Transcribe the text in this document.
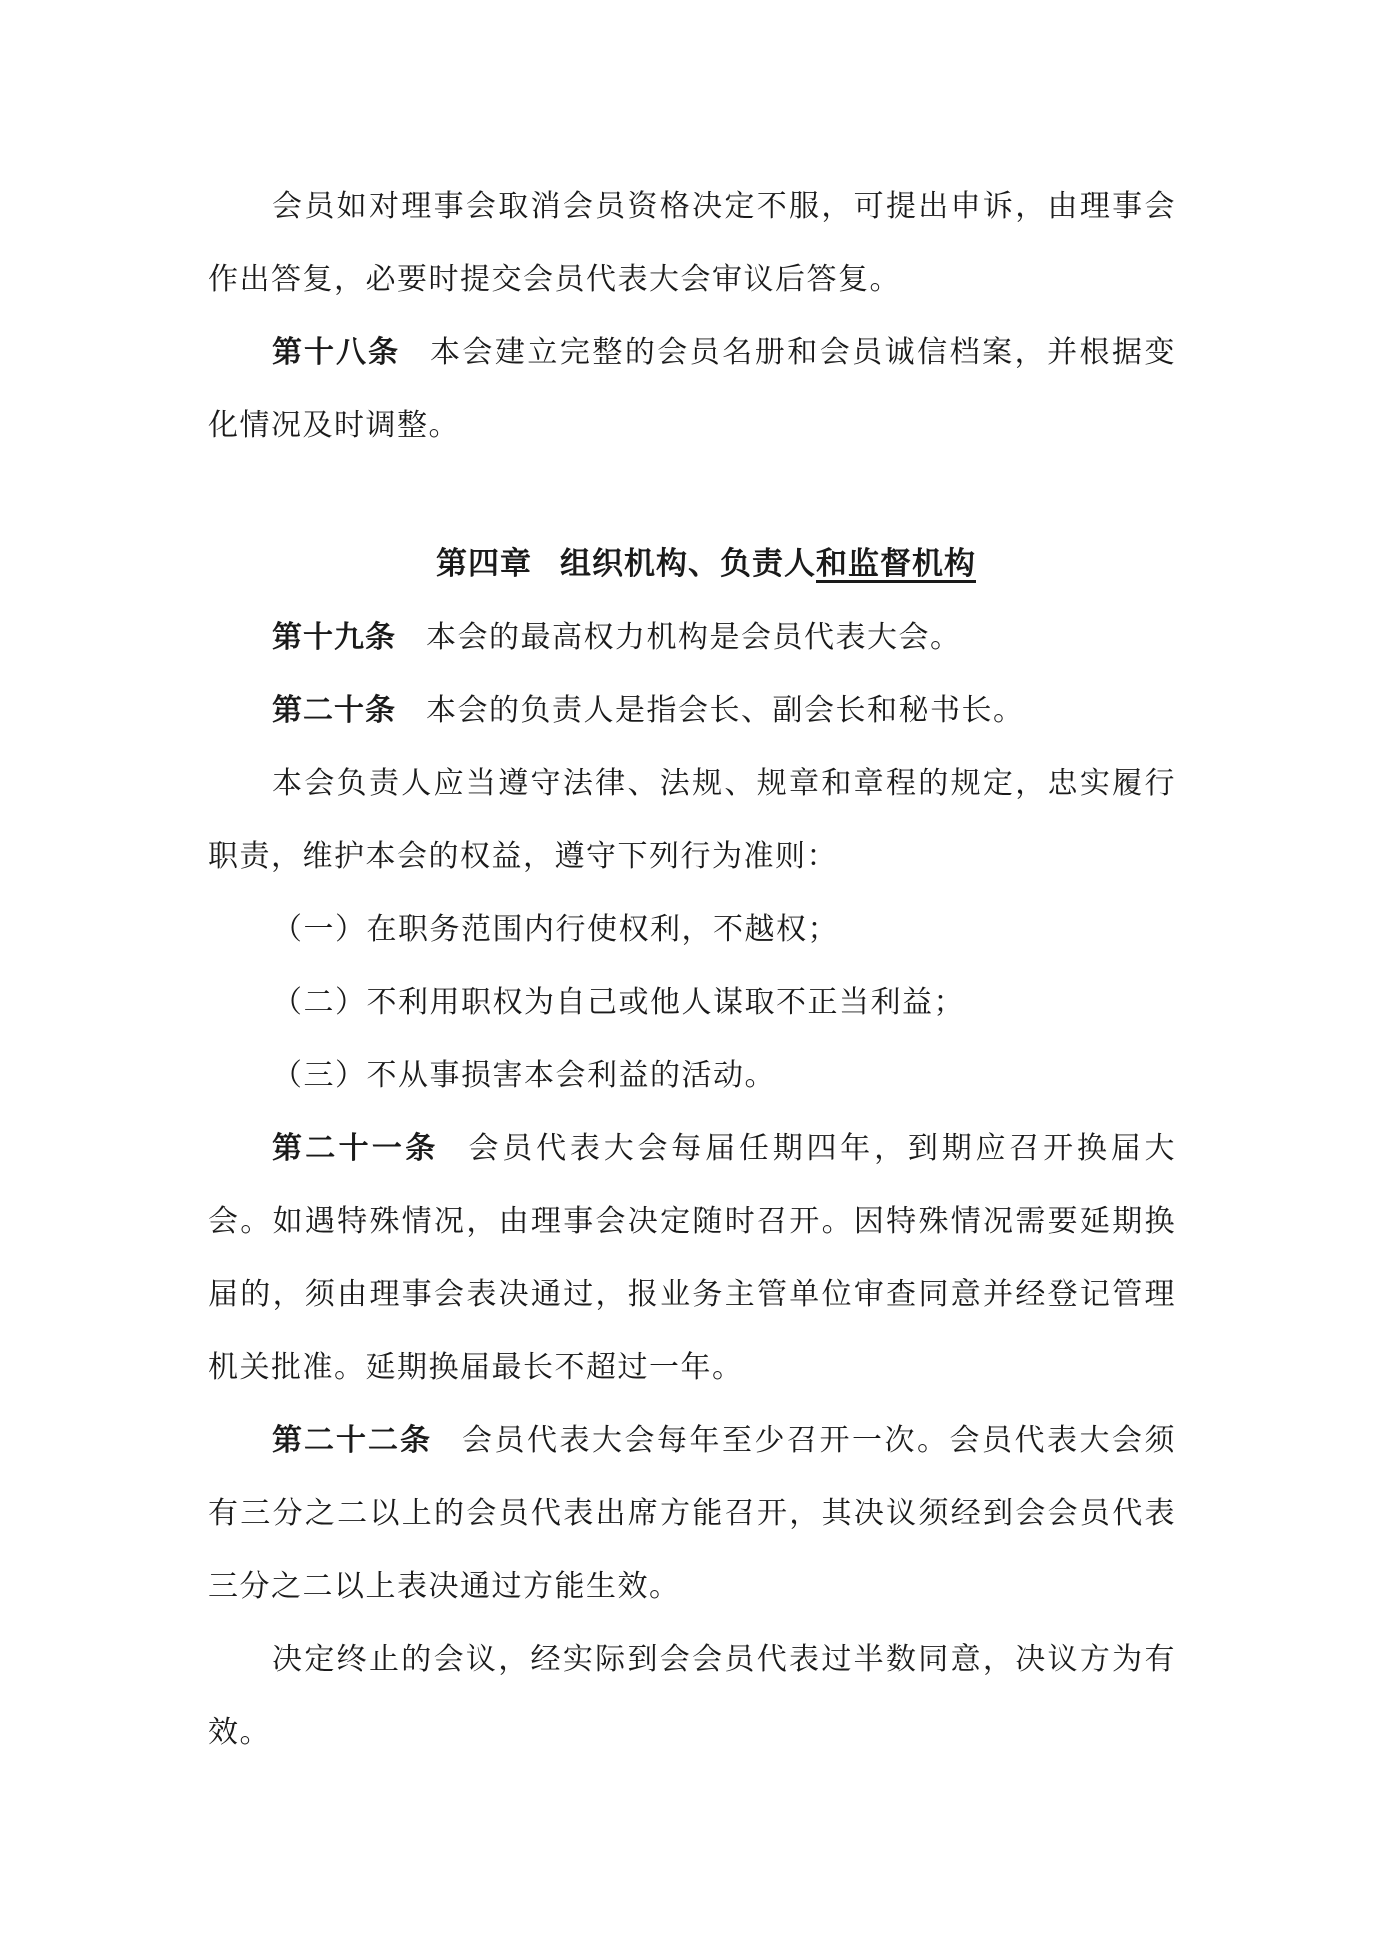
会员如对理事会取消会员资格决定不服，可提出申诉，由理事会作出答复，必要时提交会员代表大会审议后答复。

第十八条 本会建立完整的会员名册和会员诚信档案，并根据变化情况及时调整。

第四章 组织机构、负责人和监督机构

第十九条 本会的最高权力机构是会员代表大会。

第二十条 本会的负责人是指会长、副会长和秘书长。

本会负责人应当遵守法律、法规、规章和章程的规定，忠实履行职责，维护本会的权益，遵守下列行为准则：

（一）在职务范围内行使权利，不越权；

（二）不利用职权为自己或他人谋取不正当利益；

（三）不从事损害本会利益的活动。

第二十一条 会员代表大会每届任期四年，到期应召开换届大会。如遇特殊情况，由理事会决定随时召开。因特殊情况需要延期换届的，须由理事会表决通过，报业务主管单位审查同意并经登记管理机关批准。延期换届最长不超过一年。

第二十二条 会员代表大会每年至少召开一次。会员代表大会须有三分之二以上的会员代表出席方能召开，其决议须经到会会员代表三分之二以上表决通过方能生效。

决定终止的会议，经实际到会会员代表过半数同意，决议方为有效。
